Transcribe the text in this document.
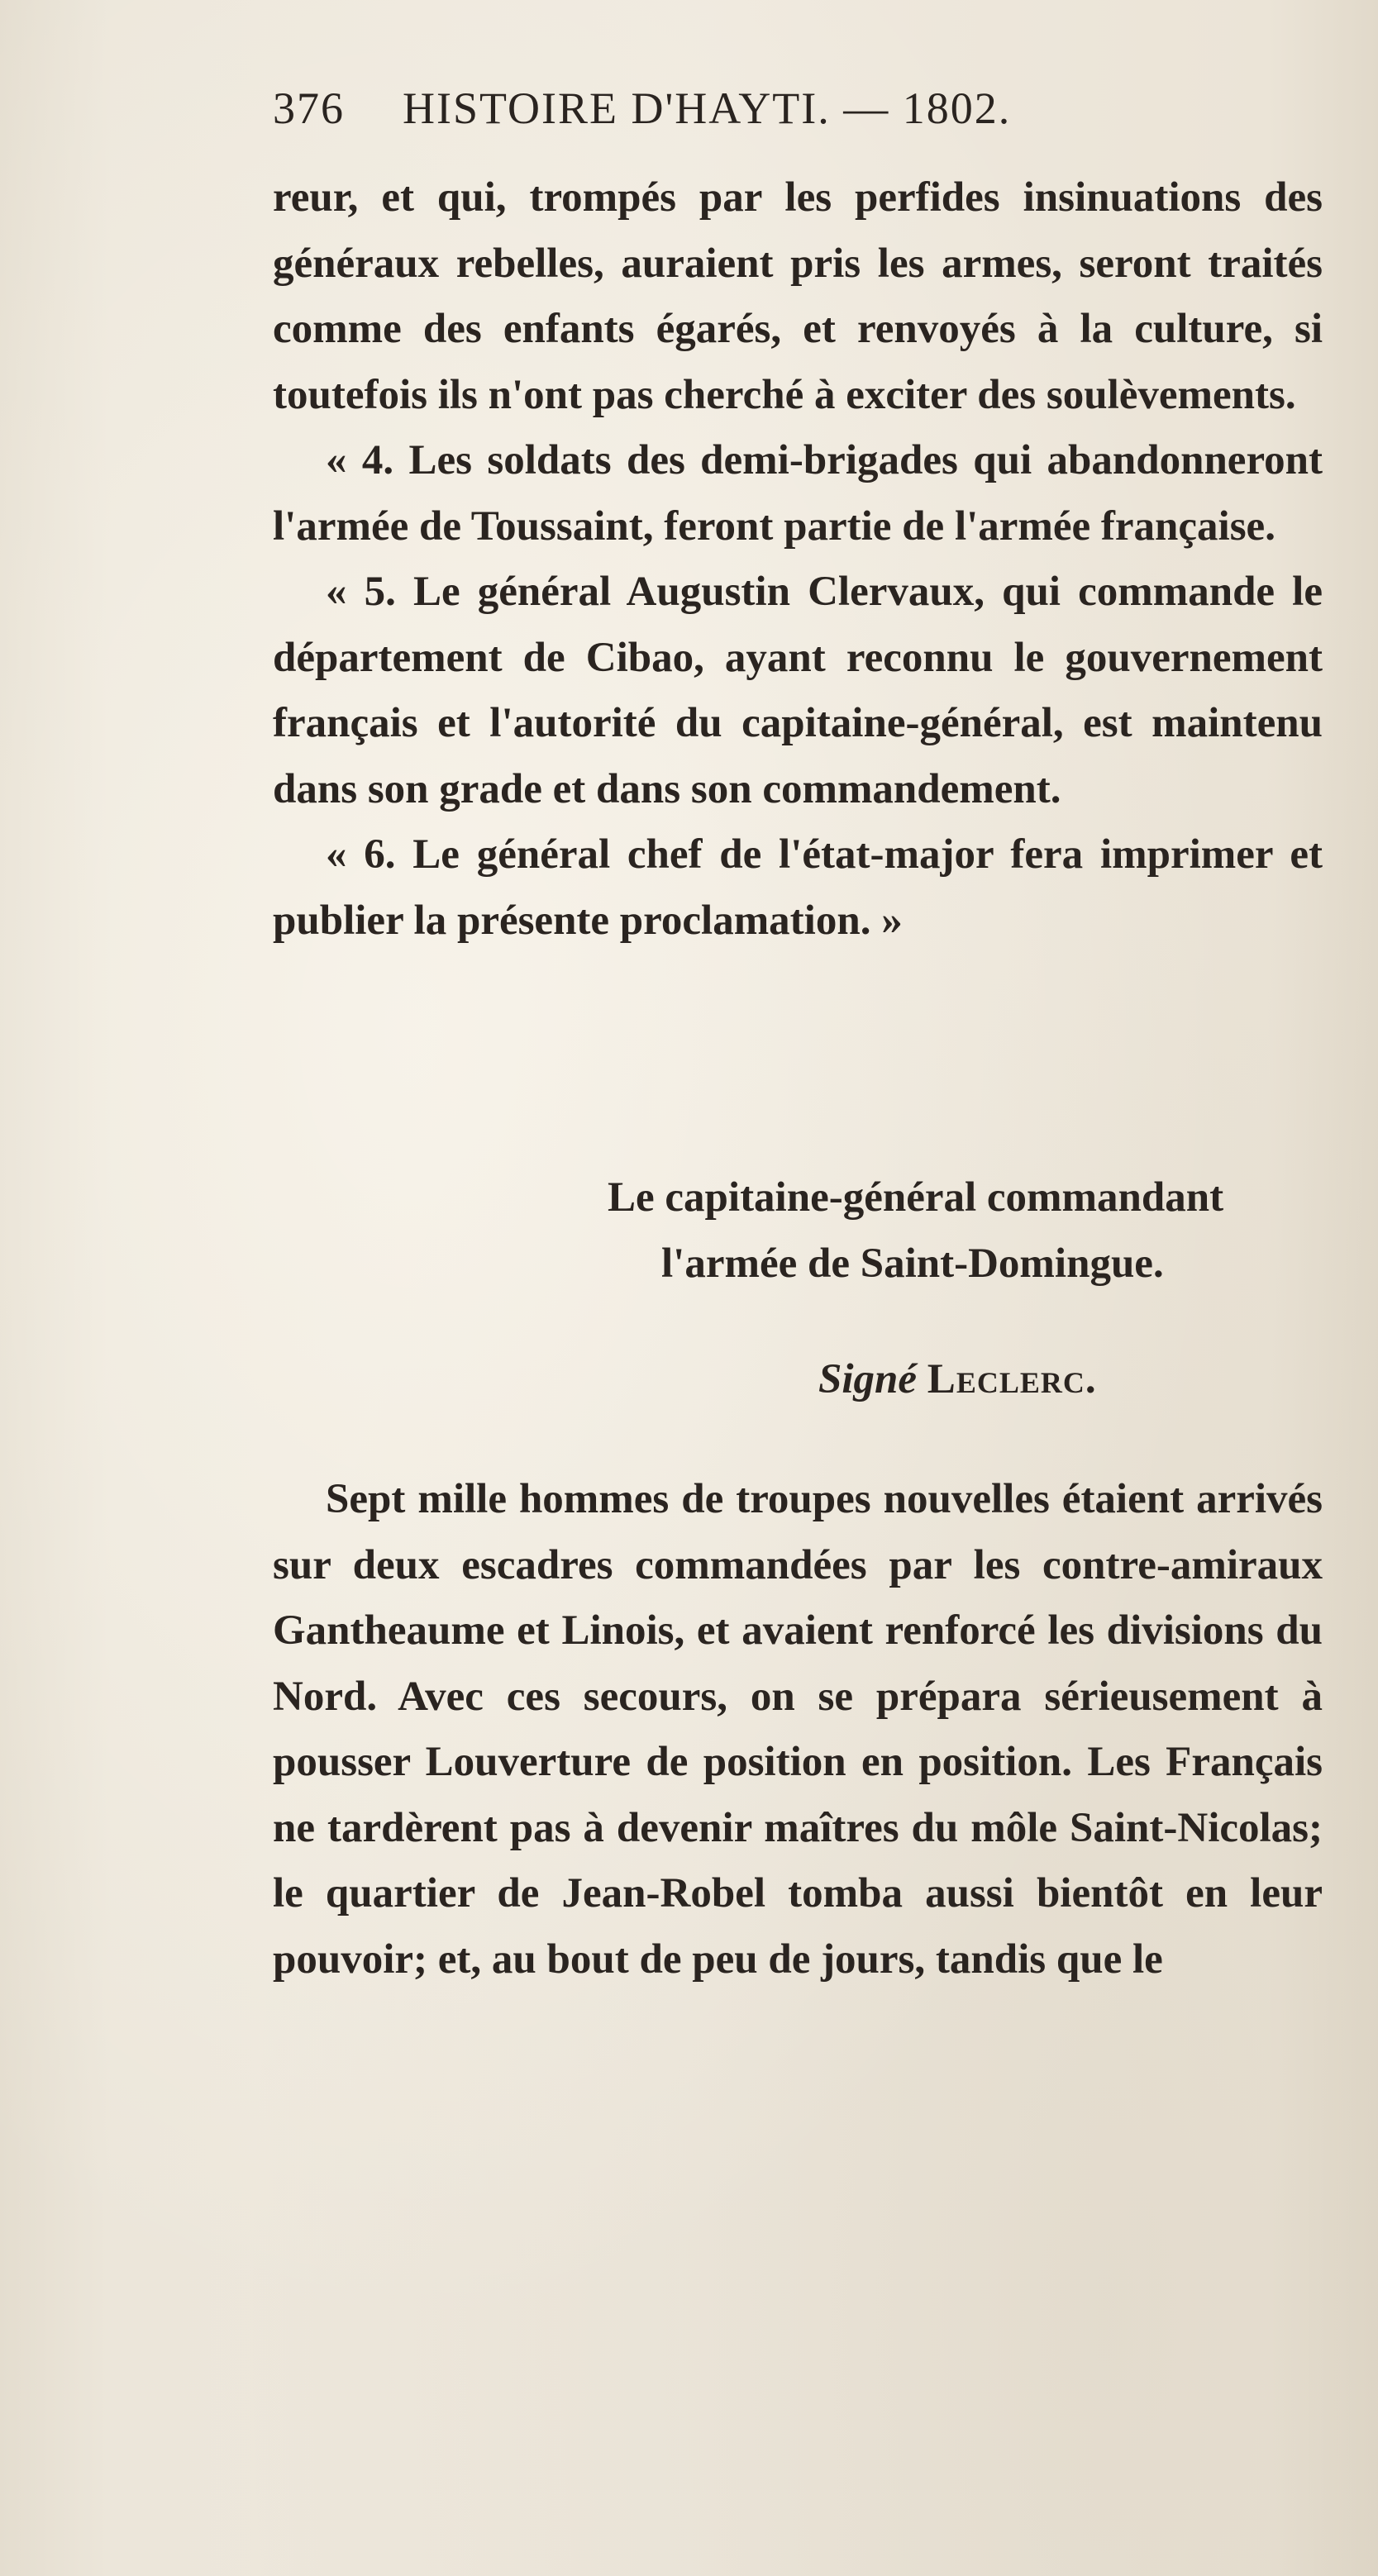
376 HISTOIRE D'HAYTI. — 1802.

reur, et qui, trompés par les perfides insinuations des généraux rebelles, auraient pris les armes, seront traités comme des enfants égarés, et renvoyés à la culture, si toutefois ils n'ont pas cherché à exciter des soulèvements.

« 4. Les soldats des demi-brigades qui abandonneront l'armée de Toussaint, feront partie de l'armée française.

« 5. Le général Augustin Clervaux, qui commande le département de Cibao, ayant reconnu le gouvernement français et l'autorité du capitaine-général, est maintenu dans son grade et dans son commandement.

« 6. Le général chef de l'état-major fera imprimer et publier la présente proclamation. »

Le capitaine-général commandant
l'armée de Saint-Domingue.
Signé Leclerc.

Sept mille hommes de troupes nouvelles étaient arrivés sur deux escadres commandées par les contre-amiraux Gantheaume et Linois, et avaient renforcé les divisions du Nord. Avec ces secours, on se prépara sérieusement à pousser Louverture de position en position. Les Français ne tardèrent pas à devenir maîtres du môle Saint-Nicolas; le quartier de Jean-Robel tomba aussi bientôt en leur pouvoir; et, au bout de peu de jours, tandis que le
